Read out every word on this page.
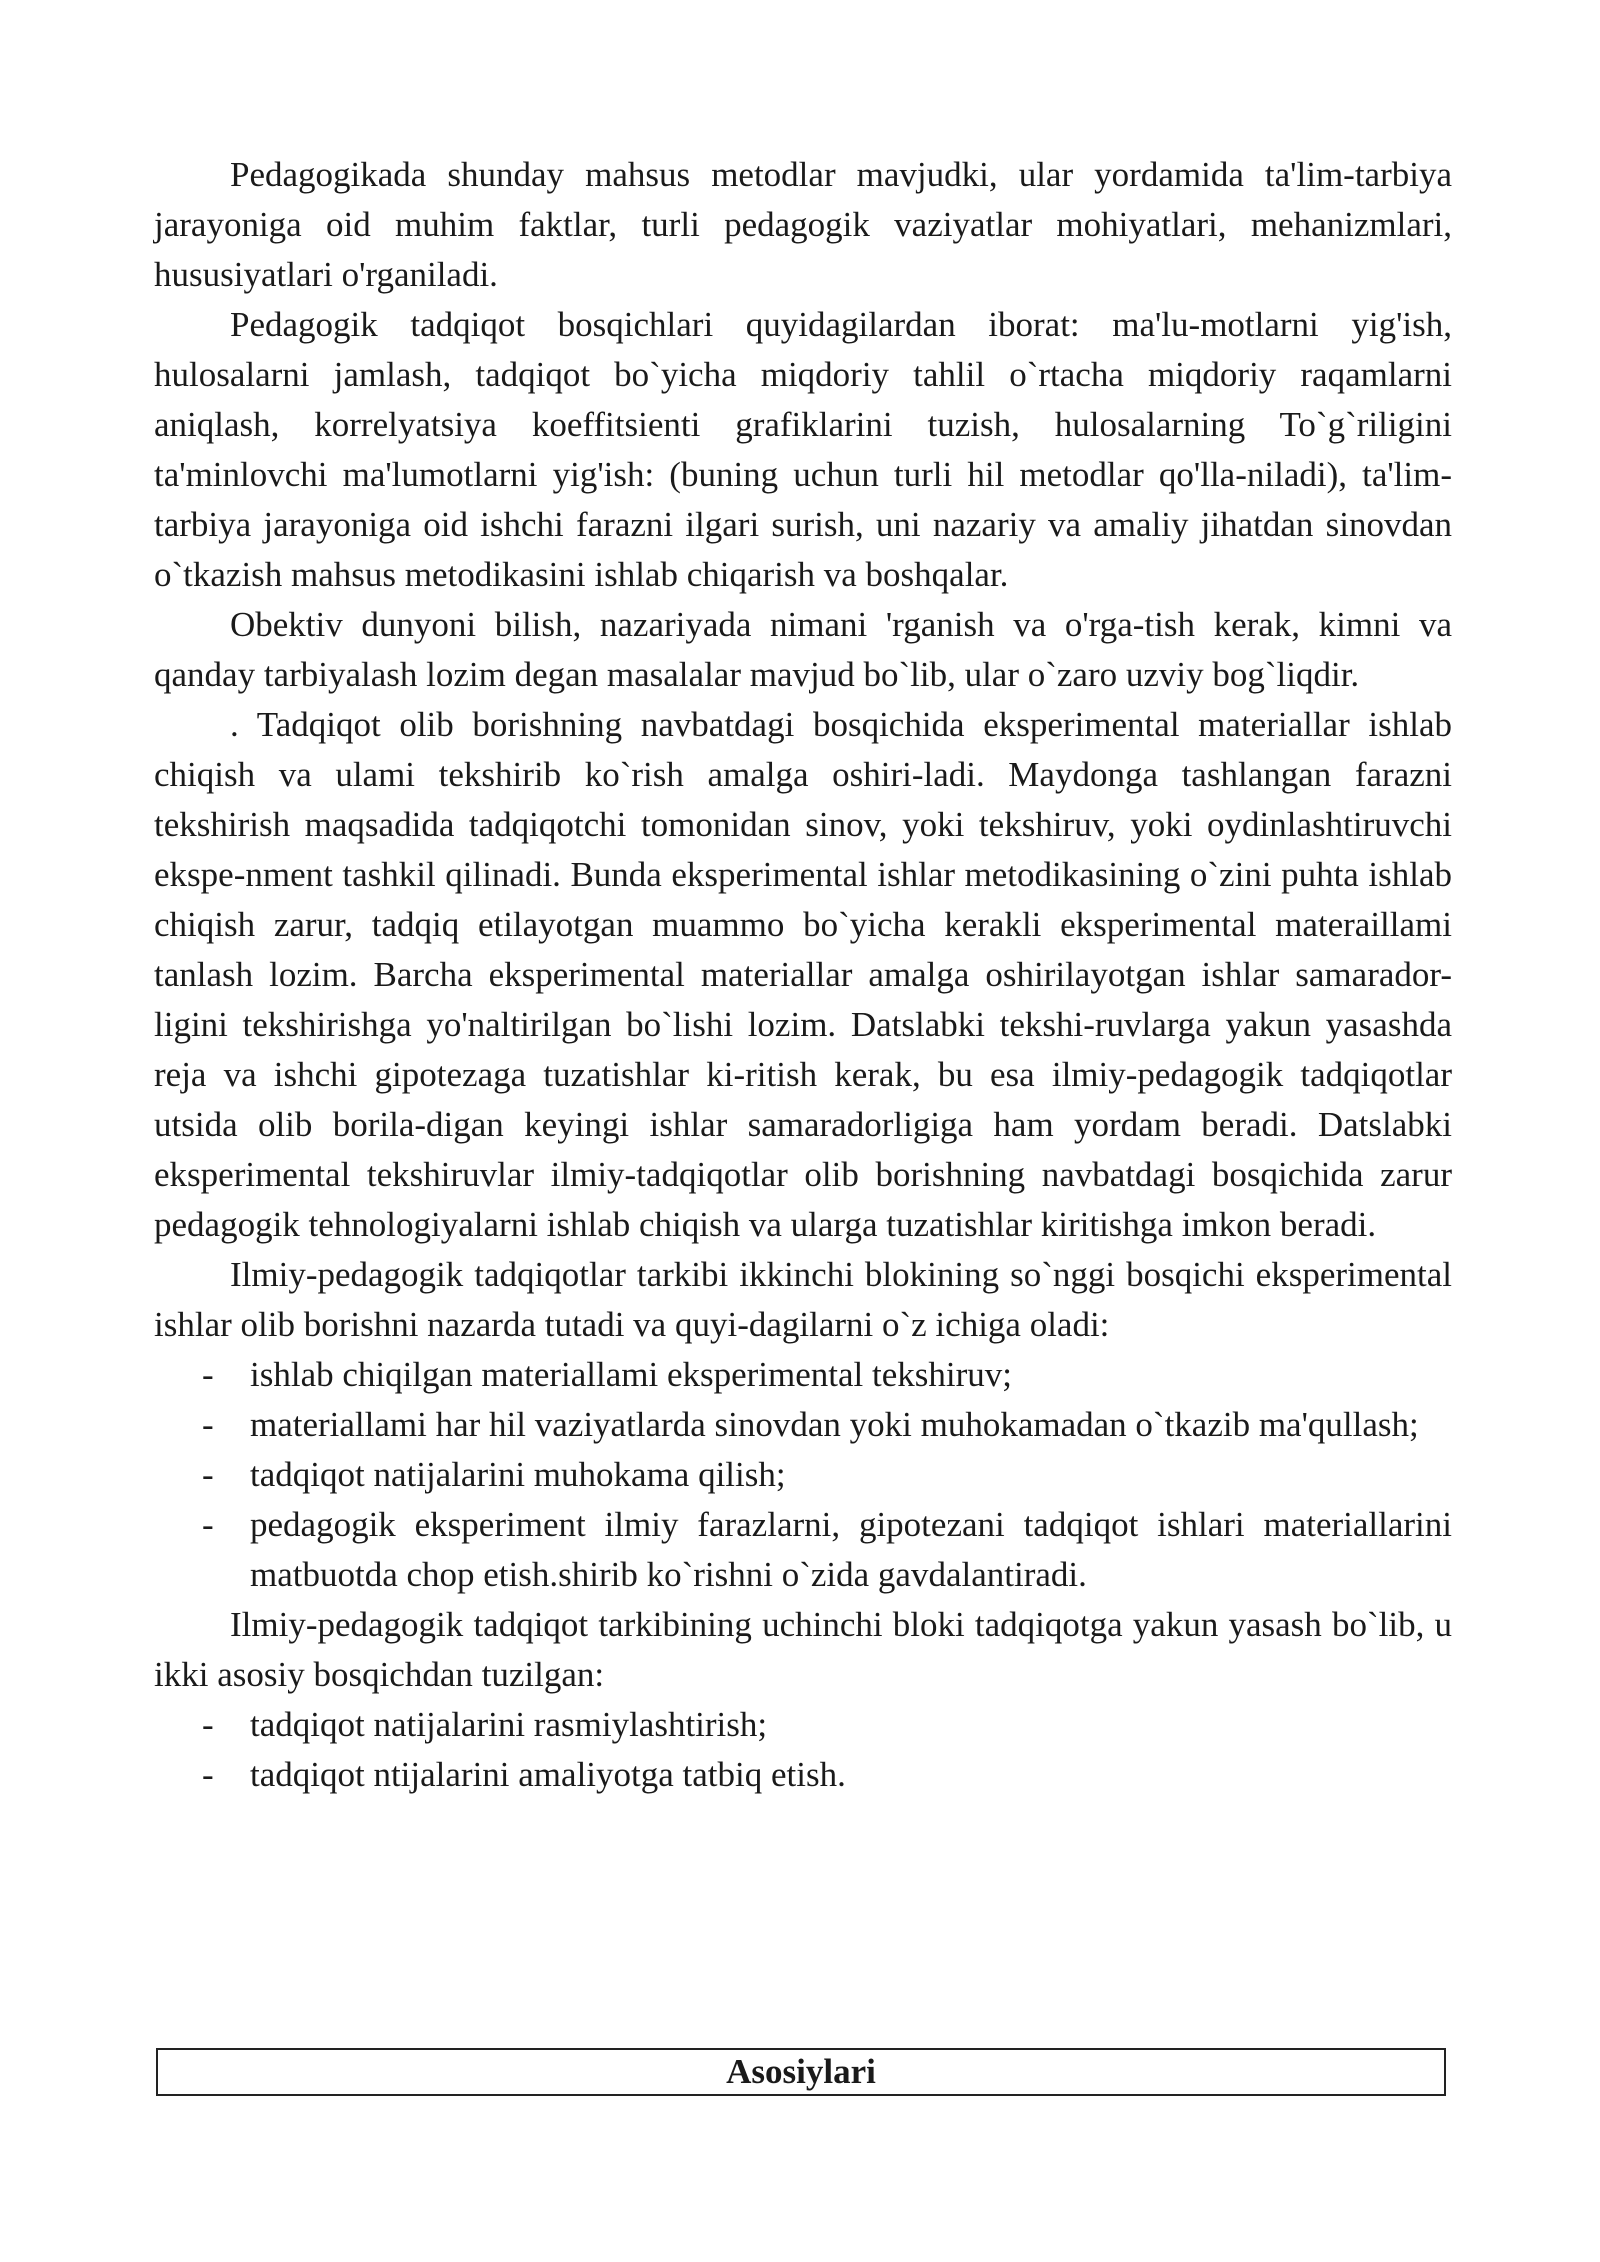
Pedagogikada shunday mahsus metodlar mavjudki, ular yordamida ta'lim-tarbiya jarayoniga oid muhim faktlar, turli pedagogik vaziyatlar mohiyatlari, mehanizmlari, hususiyatlari o'rganiladi.

Pedagogik tadqiqot bosqichlari quyidagilardan iborat: ma'lu-motlarni yig'ish, hulosalarni jamlash, tadqiqot bo`yicha miqdoriy tahlil o`rtacha miqdoriy raqamlarni aniqlash, korrelyatsiya koeffitsienti grafiklarini tuzish, hulosalarning To`g`riligini ta'minlovchi ma'lumotlarni yig'ish: (buning uchun turli hil metodlar qo'lla-niladi), ta'lim-tarbiya jarayoniga oid ishchi farazni ilgari surish, uni nazariy va amaliy jihatdan sinovdan o`tkazish mahsus metodikasini ishlab chiqarish va boshqalar.

Obektiv dunyoni bilish, nazariyada nimani 'rganish va o'rga-tish kerak, kimni va qanday tarbiyalash lozim degan masalalar mavjud bo`lib, ular o`zaro uzviy bog`liqdir.

. Tadqiqot olib borishning navbatdagi bosqichida eksperimental materiallar ishlab chiqish va ulami tekshirib ko`rish amalga oshiri-ladi. Maydonga tashlangan farazni tekshirish maqsadida tadqiqotchi tomonidan sinov, yoki tekshiruv, yoki oydinlashtiruvchi ekspe-nment tashkil qilinadi. Bunda eksperimental ishlar metodikasining o`zini puhta ishlab chiqish zarur, tadqiq etilayotgan muammo bo`yicha kerakli eksperimental materaillami tanlash lozim. Barcha eksperimental materiallar amalga oshirilayotgan ishlar samarador-ligini tekshirishga yo'naltirilgan bo`lishi lozim. Datslabki tekshi-ruvlarga yakun yasashda reja va ishchi gipotezaga tuzatishlar ki-ritish kerak, bu esa ilmiy-pedagogik tadqiqotlar utsida olib borila-digan keyingi ishlar samaradorligiga ham yordam beradi. Datslabki eksperimental tekshiruvlar ilmiy-tadqiqotlar olib borishning navbatdagi bosqichida zarur pedagogik tehnologiyalarni ishlab chiqish va ularga tuzatishlar kiritishga imkon beradi.

Ilmiy-pedagogik tadqiqotlar tarkibi ikkinchi blokining so`nggi bosqichi eksperimental ishlar olib borishni nazarda tutadi va quyi-dagilarni o`z ichiga oladi:

- ishlab chiqilgan materiallami eksperimental tekshiruv;
- materiallami har hil vaziyatlarda sinovdan yoki muhokamadan o`tkazib ma'qullash;
- tadqiqot natijalarini muhokama qilish;
- pedagogik eksperiment ilmiy farazlarni, gipotezani tadqiqot ishlari materiallarini matbuotda chop etish.shirib ko`rishni o`zida gavdalantiradi.

Ilmiy-pedagogik tadqiqot tarkibining uchinchi bloki tadqiqotga yakun yasash bo`lib, u ikki asosiy bosqichdan tuzilgan:

- tadqiqot natijalarini rasmiylashtirish;
- tadqiqot ntijalarini amaliyotga tatbiq etish.
Asosiylari
